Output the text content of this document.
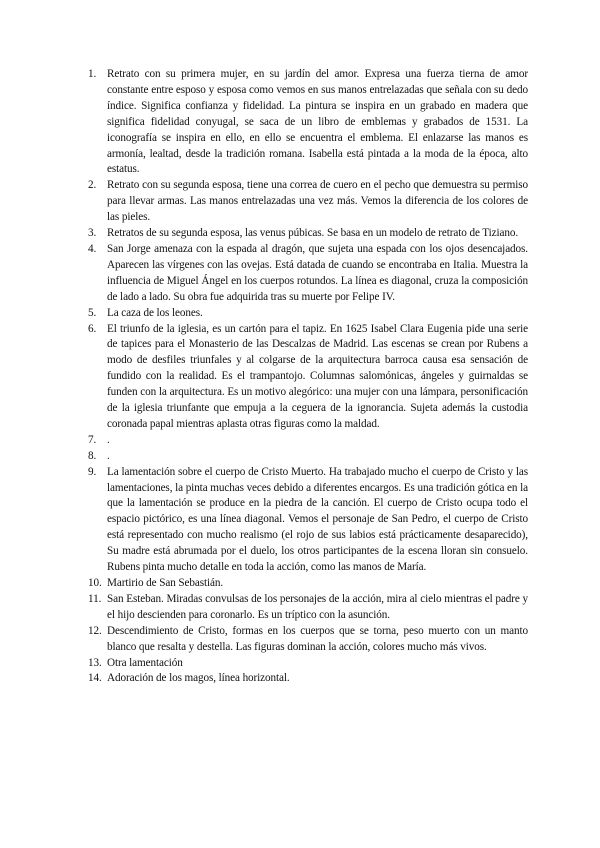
1. Retrato con su primera mujer, en su jardín del amor. Expresa una fuerza tierna de amor constante entre esposo y esposa como vemos en sus manos entrelazadas que señala con su dedo índice. Significa confianza y fidelidad. La pintura se inspira en un grabado en madera que significa fidelidad conyugal, se saca de un libro de emblemas y grabados de 1531. La iconografía se inspira en ello, en ello se encuentra el emblema. El enlazarse las manos es armonía, lealtad, desde la tradición romana. Isabella está pintada a la moda de la época, alto estatus.
2. Retrato con su segunda esposa, tiene una correa de cuero en el pecho que demuestra su permiso para llevar armas. Las manos entrelazadas una vez más. Vemos la diferencia de los colores de las pieles.
3. Retratos de su segunda esposa, las venus púbicas. Se basa en un modelo de retrato de Tiziano.
4. San Jorge amenaza con la espada al dragón, que sujeta una espada con los ojos desencajados. Aparecen las vírgenes con las ovejas. Está datada de cuando se encontraba en Italia. Muestra la influencia de Miguel Ángel en los cuerpos rotundos. La línea es diagonal, cruza la composición de lado a lado. Su obra fue adquirida tras su muerte por Felipe IV.
5. La caza de los leones.
6. El triunfo de la iglesia, es un cartón para el tapiz. En 1625 Isabel Clara Eugenia pide una serie de tapices para el Monasterio de las Descalzas de Madrid. Las escenas se crean por Rubens a modo de desfiles triunfales y al colgarse de la arquitectura barroca causa esa sensación de fundido con la realidad. Es el trampantojo. Columnas salomónicas, ángeles y guirnaldas se funden con la arquitectura. Es un motivo alegórico: una mujer con una lámpara, personificación de la iglesia triunfante que empuja a la ceguera de la ignorancia. Sujeta además la custodia coronada papal mientras aplasta otras figuras como la maldad.
7. .
8. .
9. La lamentación sobre el cuerpo de Cristo Muerto. Ha trabajado mucho el cuerpo de Cristo y las lamentaciones, la pinta muchas veces debido a diferentes encargos. Es una tradición gótica en la que la lamentación se produce en la piedra de la canción. El cuerpo de Cristo ocupa todo el espacio pictórico, es una línea diagonal. Vemos el personaje de San Pedro, el cuerpo de Cristo está representado con mucho realismo (el rojo de sus labios está prácticamente desaparecido), Su madre está abrumada por el duelo, los otros participantes de la escena lloran sin consuelo. Rubens pinta mucho detalle en toda la acción, como las manos de María.
10. Martirio de San Sebastián.
11. San Esteban. Miradas convulsas de los personajes de la acción, mira al cielo mientras el padre y el hijo descienden para coronarlo. Es un tríptico con la asunción.
12. Descendimiento de Cristo, formas en los cuerpos que se torna, peso muerto con un manto blanco que resalta y destella. Las figuras dominan la acción, colores mucho más vivos.
13. Otra lamentación
14. Adoración de los magos, línea horizontal.
